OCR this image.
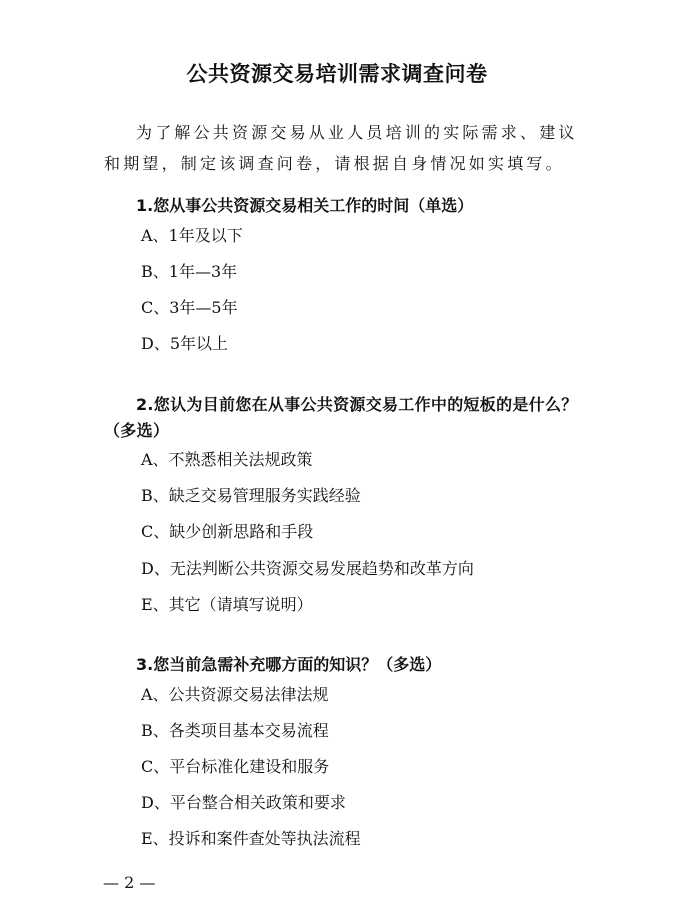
公共资源交易培训需求调查问卷
为了解公共资源交易从业人员培训的实际需求、建议和期望，制定该调查问卷，请根据自身情况如实填写。
1.您从事公共资源交易相关工作的时间（单选）
A、1年及以下
B、1年—3年
C、3年—5年
D、5年以上
2.您认为目前您在从事公共资源交易工作中的短板的是什么？（多选）
A、不熟悉相关法规政策
B、缺乏交易管理服务实践经验
C、缺少创新思路和手段
D、无法判断公共资源交易发展趋势和改革方向
E、其它（请填写说明）
3.您当前急需补充哪方面的知识？（多选）
A、公共资源交易法律法规
B、各类项目基本交易流程
C、平台标准化建设和服务
D、平台整合相关政策和要求
E、投诉和案件查处等执法流程
— 2 —
